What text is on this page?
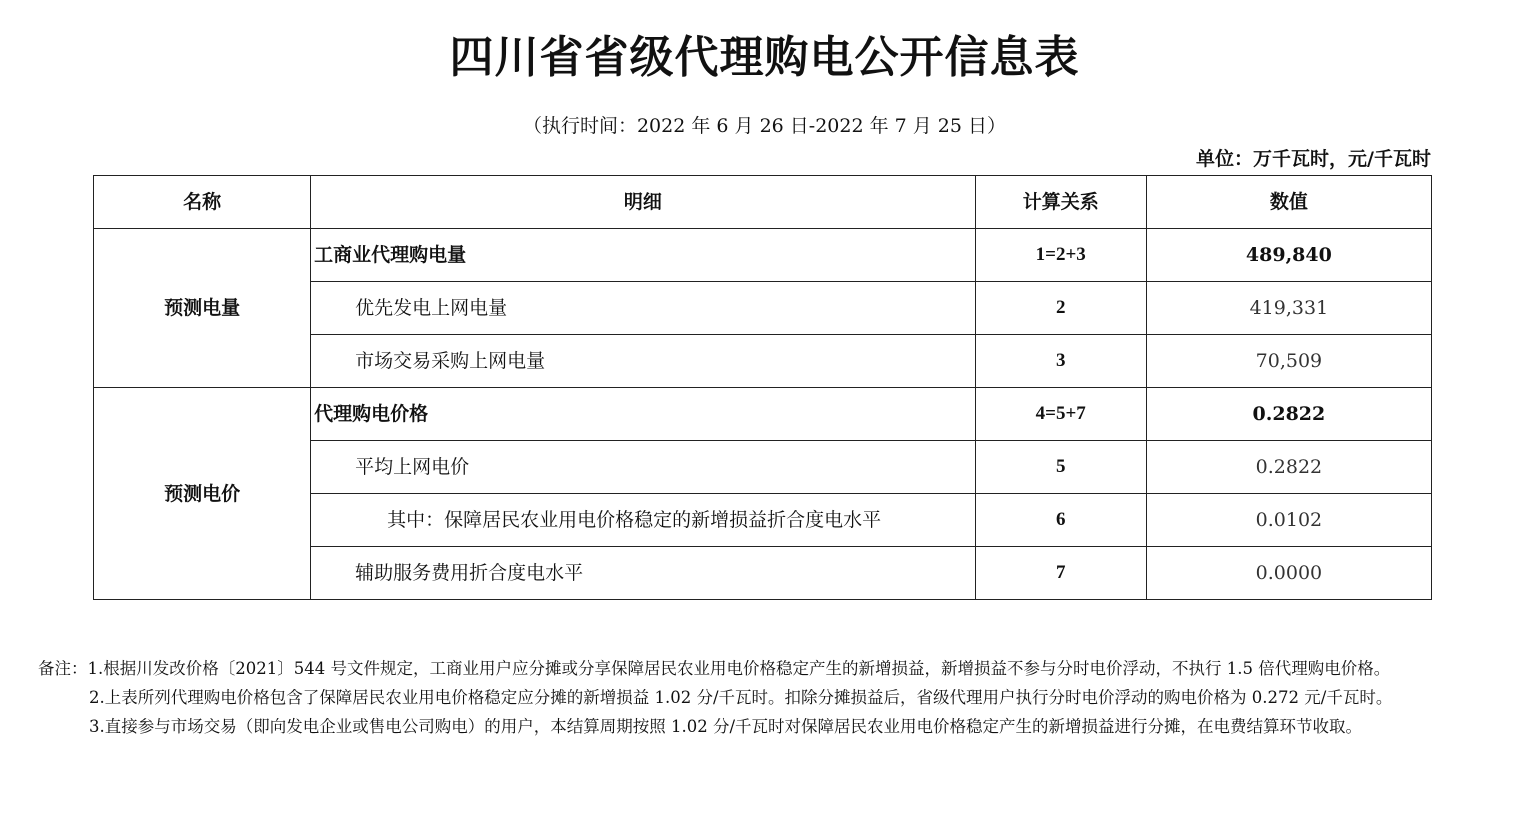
四川省省级代理购电公开信息表
（执行时间：2022 年 6 月 26 日-2022 年 7 月 25 日）
单位：万千瓦时，元/千瓦时
名称	明细	计算关系	数值
预测电量	工商业代理购电量	1=2+3	489,840
	优先发电上网电量	2	419,331
	市场交易采购上网电量	3	70,509
预测电价	代理购电价格	4=5+7	0.2822
	平均上网电价	5	0.2822
	其中：保障居民农业用电价格稳定的新增损益折合度电水平	6	0.0102
	辅助服务费用折合度电水平	7	0.0000
备注：1.根据川发改价格〔2021〕544 号文件规定，工商业用户应分摊或分享保障居民农业用电价格稳定产生的新增损益，新增损益不参与分时电价浮动，不执行 1.5 倍代理购电价格。
2.上表所列代理购电价格包含了保障居民农业用电价格稳定应分摊的新增损益 1.02 分/千瓦时。扣除分摊损益后，省级代理用户执行分时电价浮动的购电价格为 0.272 元/千瓦时。
3.直接参与市场交易（即向发电企业或售电公司购电）的用户，本结算周期按照 1.02 分/千瓦时对保障居民农业用电价格稳定产生的新增损益进行分摊，在电费结算环节收取。
